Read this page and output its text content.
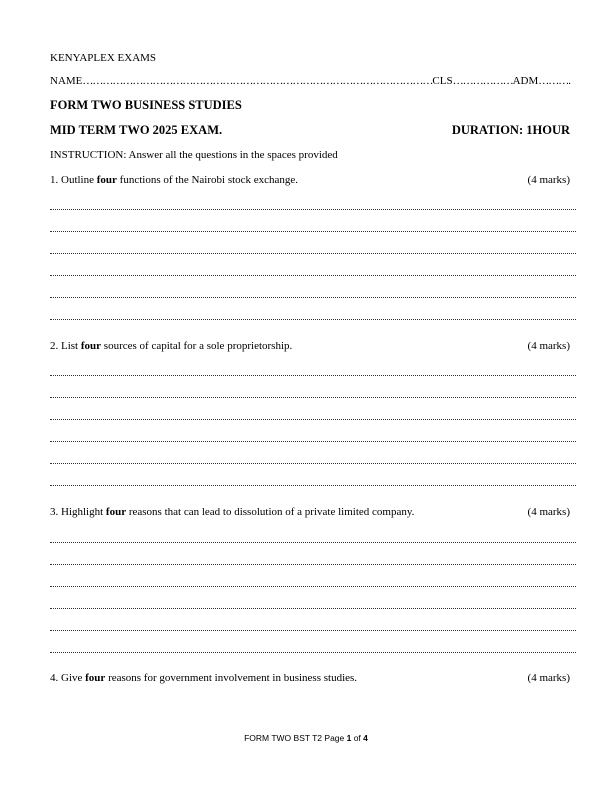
KENYAPLEX EXAMS
NAME……………………………………………………………………………………………CLS………………ADM……….
FORM TWO BUSINESS STUDIES
MID TERM TWO 2025 EXAM.	DURATION: 1HOUR
INSTRUCTION: Answer all the questions in the spaces provided
1. Outline four functions of the Nairobi stock exchange.	(4 marks)
2. List four sources of capital for a sole proprietorship.	(4 marks)
3. Highlight four reasons that can lead to dissolution of a private limited company.	(4 marks)
4. Give four reasons for government involvement in business studies.	(4 marks)
FORM TWO BST T2 Page 1 of 4
